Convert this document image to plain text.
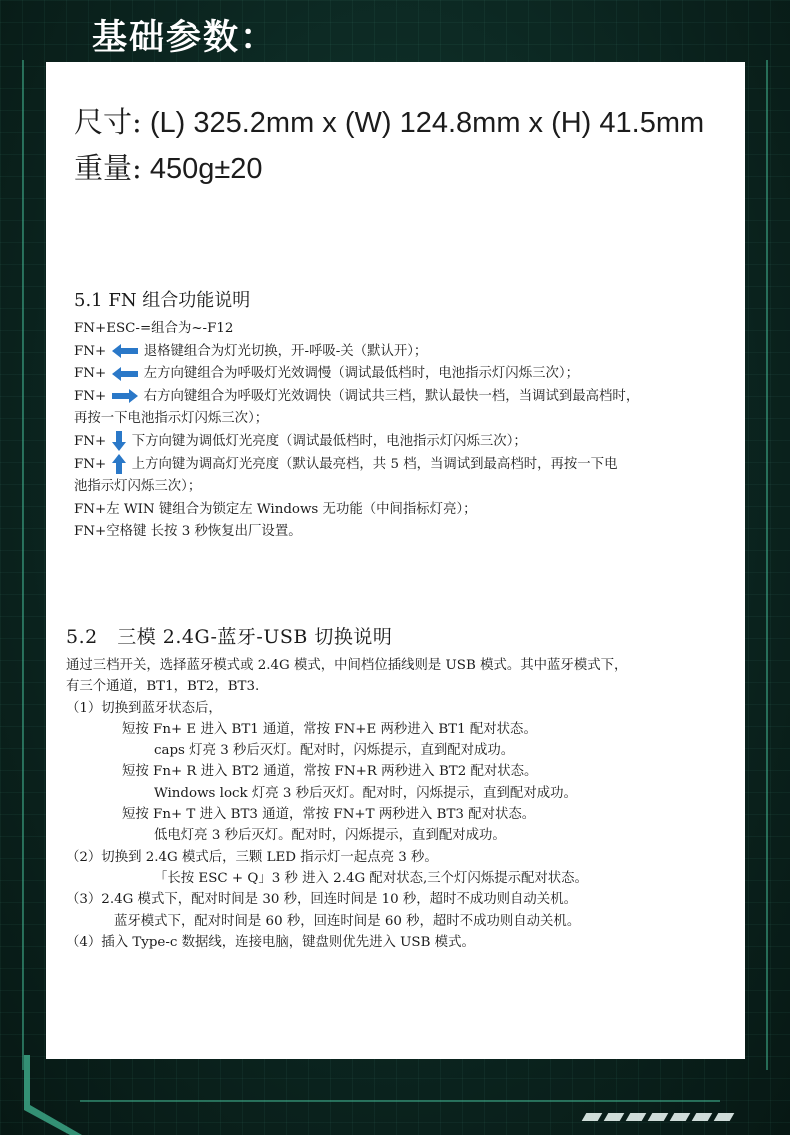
基础参数：

尺寸: (L) 325.2mm x (W) 124.8mm x (H) 41.5mm

重量: 450g±20

5.1 FN 组合功能说明

FN+ESC-=组合为~-F12

FN+	退格键组合为灯光切换，开-呼吸-关（默认开）；

FN+	左方向键组合为呼吸灯光效调慢（调试最低档时，电池指示灯闪烁三次）；

FN+	右方向键组合为呼吸灯光效调快（调试共三档，默认最快一档，当调试到最高档时，

再按一下电池指示灯闪烁三次）；

FN+ 下方向键为调低灯光亮度（调试最低档时，电池指示灯闪烁三次）；

FN+ 上方向键为调高灯光亮度（默认最亮档，共 5 档，当调试到最高档时，再按一下电

池指示灯闪烁三次）；

FN+左 WIN 键组合为锁定左 Windows 无功能（中间指标灯亮）；

FN+空格键 长按 3 秒恢复出厂设置。

5.2　三模 2.4G-蓝牙-USB 切换说明

通过三档开关，选择蓝牙模式或 2.4G 模式，中间档位插线则是 USB 模式。其中蓝牙模式下，

有三个通道，BT1，BT2，BT3.

（1）切换到蓝牙状态后，

短按 Fn+ E 进入 BT1 通道，常按 FN+E 两秒进入 BT1 配对状态。

caps 灯亮 3 秒后灭灯。配对时，闪烁提示，直到配对成功。

短按 Fn+ R 进入 BT2 通道，常按 FN+R 两秒进入 BT2 配对状态。

Windows lock 灯亮 3 秒后灭灯。配对时，闪烁提示，直到配对成功。

短按 Fn+ T 进入 BT3 通道，常按 FN+T 两秒进入 BT3 配对状态。

低电灯亮 3 秒后灭灯。配对时，闪烁提示，直到配对成功。

（2）切换到 2.4G 模式后，三颗 LED 指示灯一起点亮 3 秒。

「长按 ESC + Q」3 秒 进入 2.4G 配对状态,三个灯闪烁提示配对状态。

（3）2.4G 模式下，配对时间是 30 秒，回连时间是 10 秒，超时不成功则自动关机。

蓝牙模式下，配对时间是 60 秒，回连时间是 60 秒，超时不成功则自动关机。

（4）插入 Type-c 数据线，连接电脑，键盘则优先进入 USB 模式。
